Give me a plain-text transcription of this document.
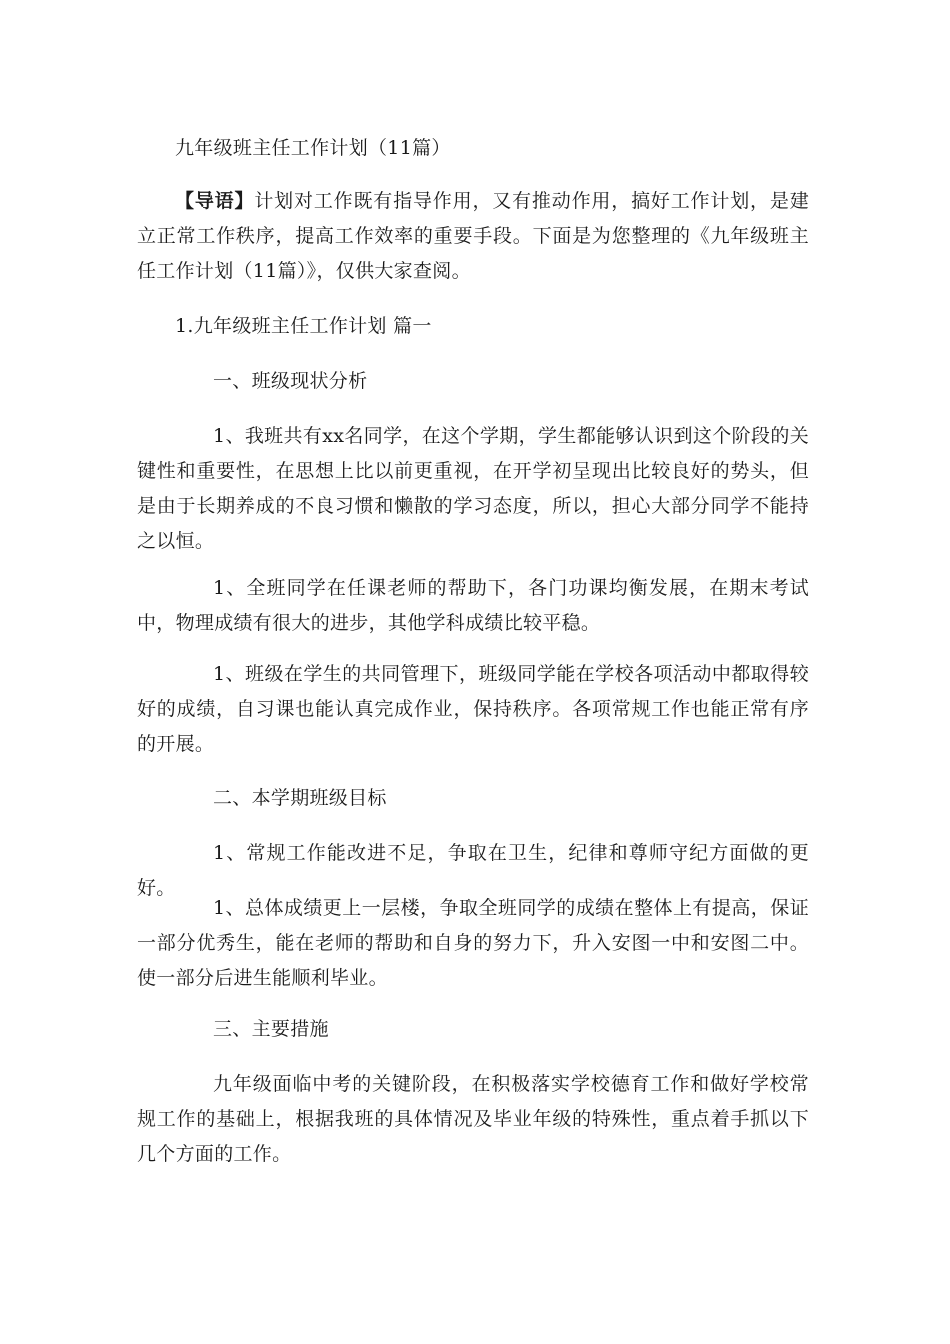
九年级班主任工作计划（11篇）
【导语】计划对工作既有指导作用，又有推动作用，搞好工作计划，是建立正常工作秩序，提高工作效率的重要手段。下面是为您整理的《九年级班主任工作计划（11篇）》，仅供大家查阅。
1.九年级班主任工作计划 篇一
一、班级现状分析
1、我班共有xx名同学，在这个学期，学生都能够认识到这个阶段的关键性和重要性，在思想上比以前更重视，在开学初呈现出比较良好的势头，但是由于长期养成的不良习惯和懒散的学习态度，所以，担心大部分同学不能持之以恒。
1、全班同学在任课老师的帮助下，各门功课均衡发展，在期末考试中，物理成绩有很大的进步，其他学科成绩比较平稳。
1、班级在学生的共同管理下，班级同学能在学校各项活动中都取得较好的成绩，自习课也能认真完成作业，保持秩序。各项常规工作也能正常有序的开展。
二、本学期班级目标
1、常规工作能改进不足，争取在卫生，纪律和尊师守纪方面做的更好。
1、总体成绩更上一层楼，争取全班同学的成绩在整体上有提高，保证一部分优秀生，能在老师的帮助和自身的努力下，升入安图一中和安图二中。使一部分后进生能顺利毕业。
三、主要措施
九年级面临中考的关键阶段，在积极落实学校德育工作和做好学校常规工作的基础上，根据我班的具体情况及毕业年级的特殊性，重点着手抓以下几个方面的工作。
